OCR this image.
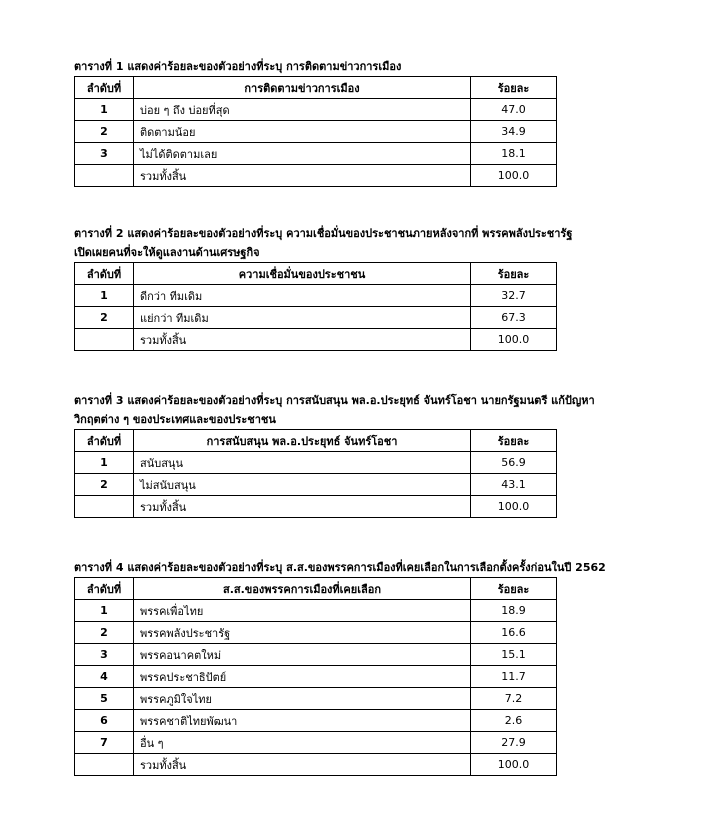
ตารางที่ 1 แสดงค่าร้อยละของตัวอย่างที่ระบุ การติดตามข่าวการเมือง
ลำดับที่	การติดตามข่าวการเมือง	ร้อยละ
1	บ่อย ๆ ถึง บ่อยที่สุด	47.0
2	ติดตามน้อย	34.9
3	ไม่ได้ติดตามเลย	18.1
	รวมทั้งสิ้น	100.0
ตารางที่ 2 แสดงค่าร้อยละของตัวอย่างที่ระบุ ความเชื่อมั่นของประชาชนภายหลังจากที่ พรรคพลังประชารัฐ
เปิดเผยคนที่จะให้ดูแลงานด้านเศรษฐกิจ
ลำดับที่	ความเชื่อมั่นของประชาชน	ร้อยละ
1	ดีกว่า ทีมเดิม	32.7
2	แย่กว่า ทีมเดิม	67.3
	รวมทั้งสิ้น	100.0
ตารางที่ 3 แสดงค่าร้อยละของตัวอย่างที่ระบุ การสนับสนุน พล.อ.ประยุทธ์ จันทร์โอชา นายกรัฐมนตรี แก้ปัญหา
วิกฤตต่าง ๆ ของประเทศและของประชาชน
ลำดับที่	การสนับสนุน พล.อ.ประยุทธ์ จันทร์โอชา	ร้อยละ
1	สนับสนุน	56.9
2	ไม่สนับสนุน	43.1
	รวมทั้งสิ้น	100.0
ตารางที่ 4 แสดงค่าร้อยละของตัวอย่างที่ระบุ ส.ส.ของพรรคการเมืองที่เคยเลือกในการเลือกตั้งครั้งก่อนในปี 2562
ลำดับที่	ส.ส.ของพรรคการเมืองที่เคยเลือก	ร้อยละ
1	พรรคเพื่อไทย	18.9
2	พรรคพลังประชารัฐ	16.6
3	พรรคอนาคตใหม่	15.1
4	พรรคประชาธิปัตย์	11.7
5	พรรคภูมิใจไทย	7.2
6	พรรคชาติไทยพัฒนา	2.6
7	อื่น ๆ	27.9
	รวมทั้งสิ้น	100.0
